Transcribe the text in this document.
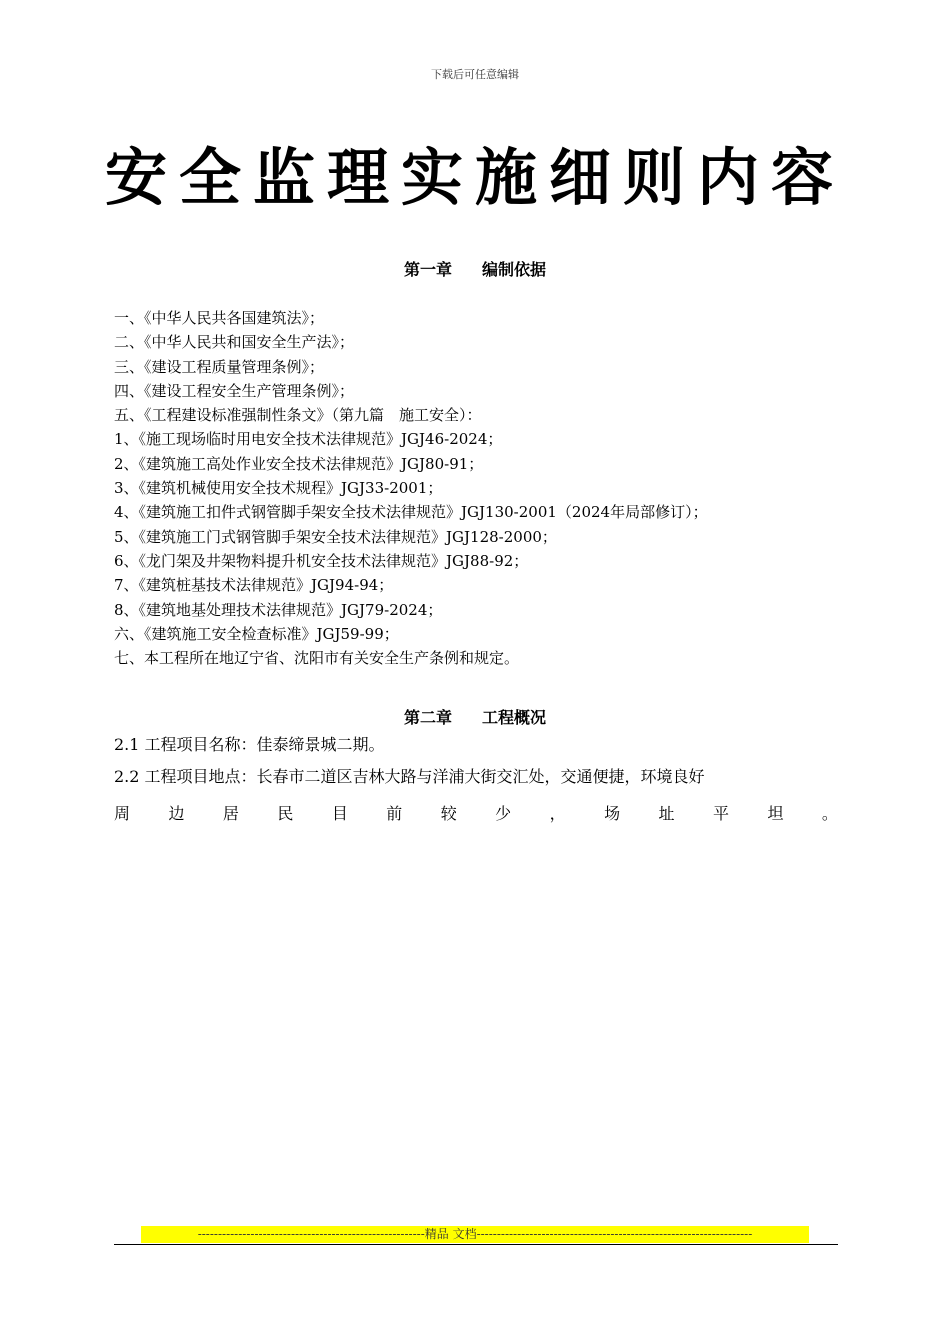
下载后可任意编辑
安全监理实施细则内容
第一章 编制依据
一、《中华人民共各国建筑法》；
二、《中华人民共和国安全生产法》；
三、《建设工程质量管理条例》；
四、《建设工程安全生产管理条例》；
五、《工程建设标准强制性条文》（第九篇　施工安全）：
1、《施工现场临时用电安全技术法律规范》JGJ46-2024；
2、《建筑施工高处作业安全技术法律规范》JGJ80-91；
3、《建筑机械使用安全技术规程》JGJ33-2001；
4、《建筑施工扣件式钢管脚手架安全技术法律规范》JGJ130-2001（2024年局部修订）；
5、《建筑施工门式钢管脚手架安全技术法律规范》JGJ128-2000；
6、《龙门架及井架物料提升机安全技术法律规范》JGJ88-92；
7、《建筑桩基技术法律规范》JGJ94-94；
8、《建筑地基处理技术法律规范》JGJ79-2024；
六、《建筑施工安全检查标准》JGJ59-99；
七、本工程所在地辽宁省、沈阳市有关安全生产条例和规定。
第二章 工程概况
2.1 工程项目名称：佳泰缔景城二期。
2.2 工程项目地点：长春市二道区吉林大路与洋浦大街交汇处，交通便捷，环境良好
周 边 居 民 目 前 较 少 ， 场 址 平 坦 。
--------------------------------------------------------精品 文档--------------------------------------------------------------------
